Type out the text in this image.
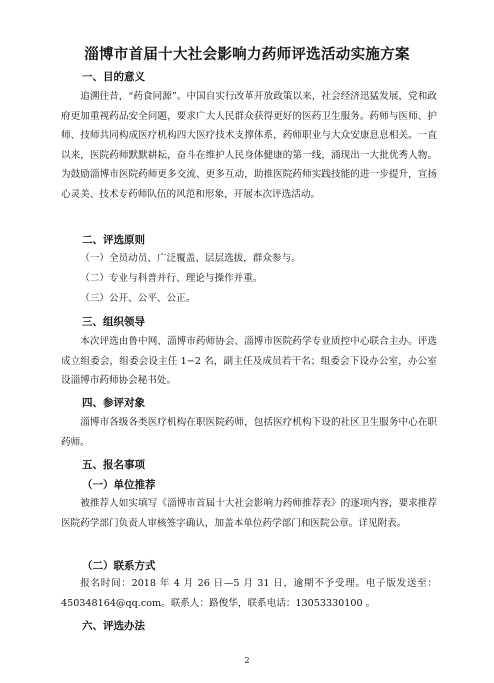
淄博市首届十大社会影响力药师评选活动实施方案
一、目的意义
追溯往昔，“药食同源”。中国自实行改革开放政策以来，社会经济迅猛发展，党和政府更加重视药品安全问题，要求广大人民群众获得更好的医药卫生服务。药师与医师、护师、技师共同构成医疗机构四大医疗技术支撑体系，药师职业与大众安康息息相关。一直以来，医院药师默默耕耘，奋斗在维护人民身体健康的第一线，涌现出一大批优秀人物。为鼓励淄博市医院药师更多交流、更多互动，助推医院药师实践技能的进一步提升，宣扬心灵美、技术专药师队伍的风范和形象，开展本次评选活动。
二、评选原则
（一）全员动员、广泛覆盖、层层选拔，群众参与。
（二）专业与科普并行、理论与操作并重。
（三）公开、公平、公正。
三、组织领导
本次评选由鲁中网、淄博市药师协会、淄博市医院药学专业质控中心联合主办。评选成立组委会，组委会设主任 1−2 名，副主任及成员若干名；组委会下设办公室，办公室设淄博市药师协会秘书处。
四、参评对象
淄博市各级各类医疗机构在职医院药师，包括医疗机构下设的社区卫生服务中心在职药师。
五、报名事项
（一）单位推荐
被推荐人如实填写《淄博市首届十大社会影响力药师推荐表》的逐项内容，要求推荐医院药学部门负责人审核签字确认，加盖本单位药学部门和医院公章。详见附表。
（二）联系方式
报名时间：2018 年 4 月 26 日—5 月 31 日，逾期不予受理。电子版发送至：450348164@qq.com。联系人：路俊华，联系电话：13053330100 。
六、评选办法
2
